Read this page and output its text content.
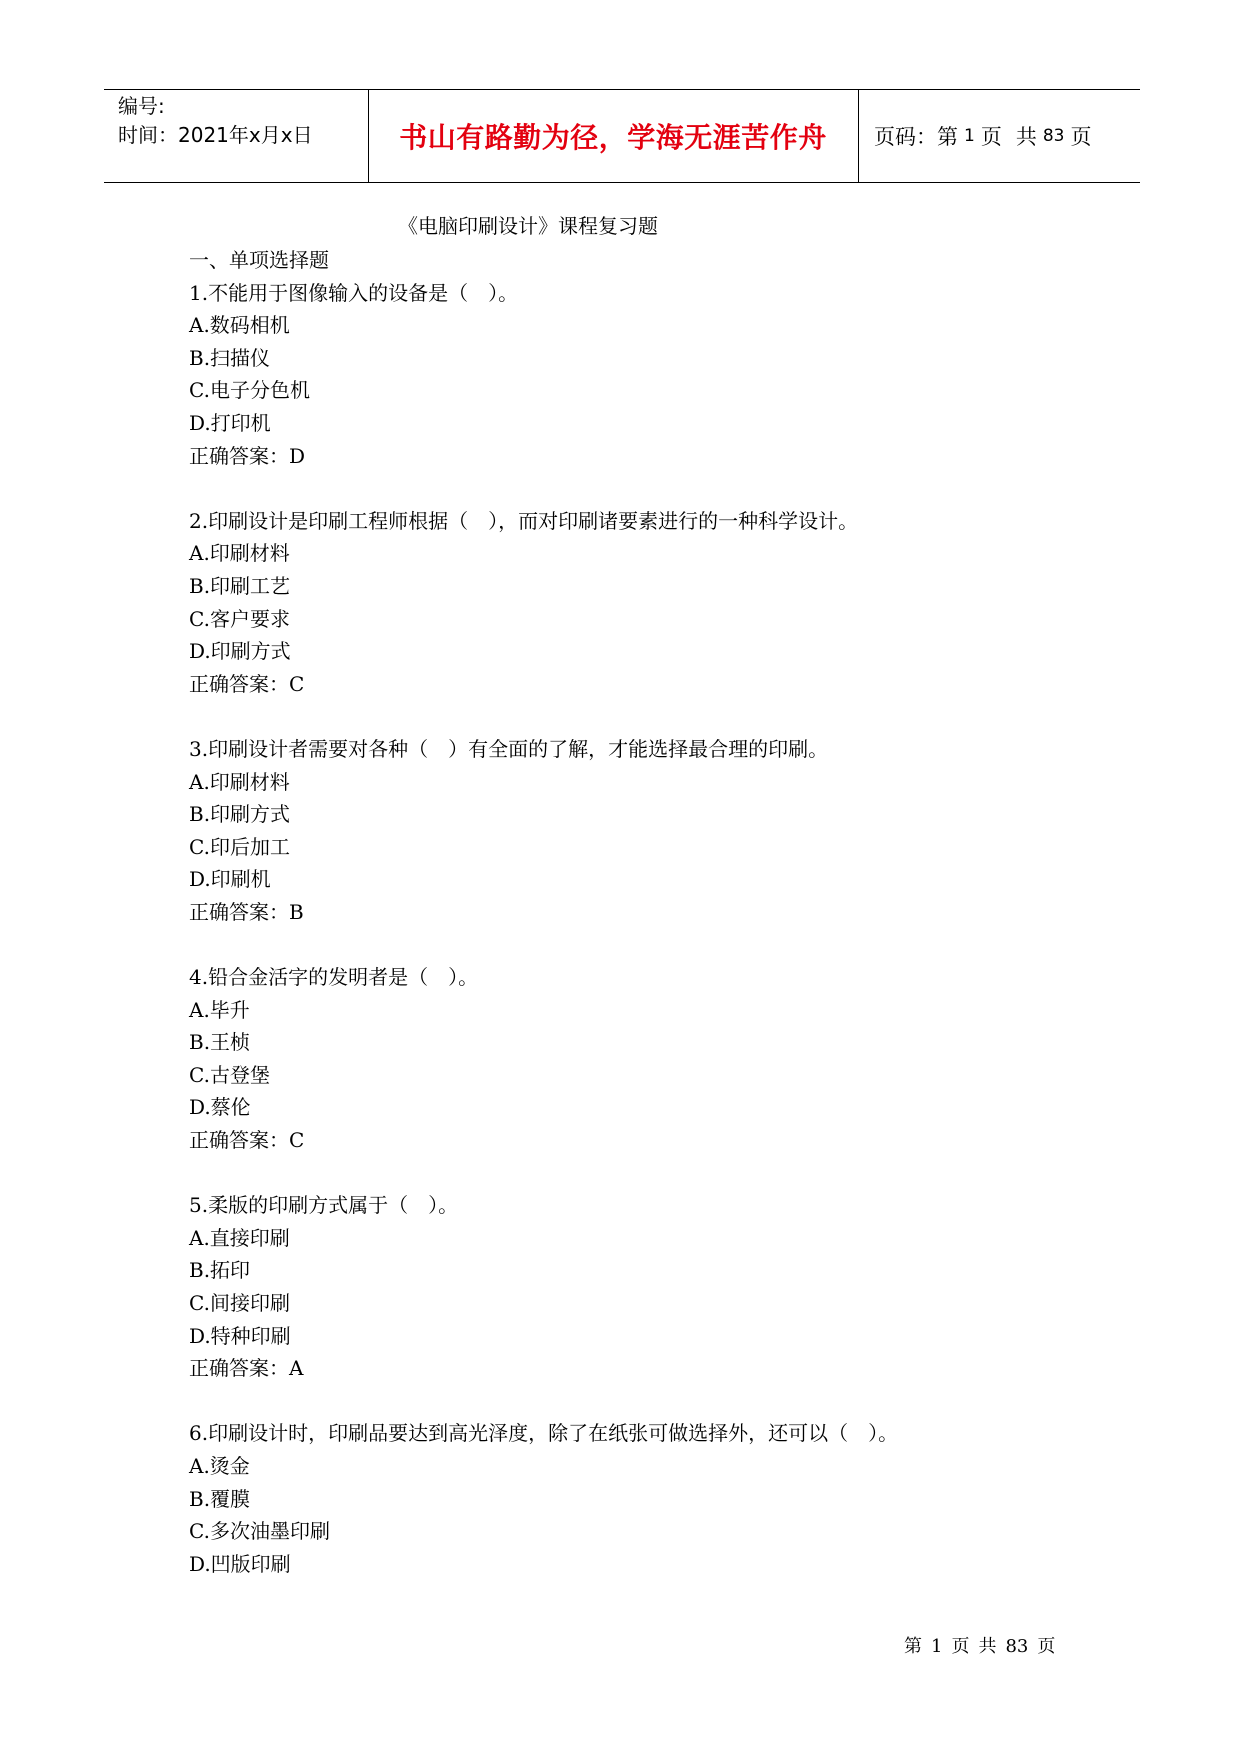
编号:
时间：2021年x月x日	书山有路勤为径，学海无涯苦作舟	页码：第 1 页 共 83 页
《电脑印刷设计》课程复习题
一、单项选择题
1.不能用于图像输入的设备是（　）。
A.数码相机
B.扫描仪
C.电子分色机
D.打印机
正确答案：D
2.印刷设计是印刷工程师根据（　），而对印刷诸要素进行的一种科学设计。
A.印刷材料
B.印刷工艺
C.客户要求
D.印刷方式
正确答案：C
3.印刷设计者需要对各种（　）有全面的了解，才能选择最合理的印刷。
A.印刷材料
B.印刷方式
C.印后加工
D.印刷机
正确答案：B
4.铅合金活字的发明者是（　）。
A.毕升
B.王桢
C.古登堡
D.蔡伦
正确答案：C
5.柔版的印刷方式属于（　）。
A.直接印刷
B.拓印
C.间接印刷
D.特种印刷
正确答案：A
6.印刷设计时，印刷品要达到高光泽度，除了在纸张可做选择外，还可以（　）。
A.烫金
B.覆膜
C.多次油墨印刷
D.凹版印刷
第 1 页 共 83 页
